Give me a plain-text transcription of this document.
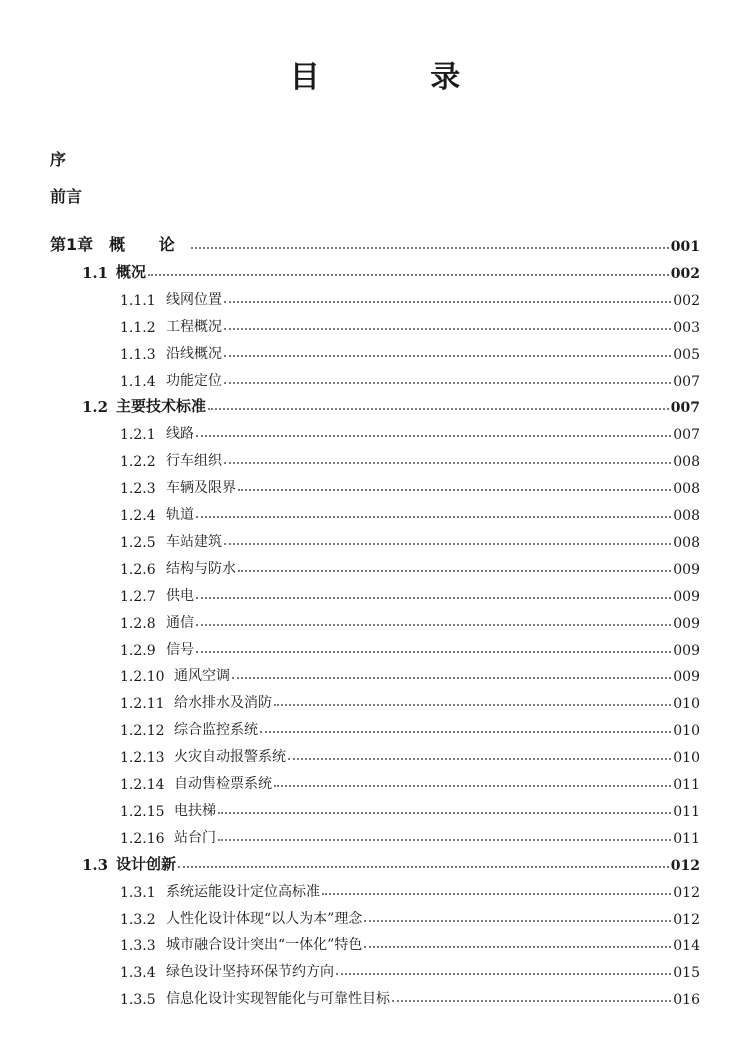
目 录
序
前言
第1章 概 论	001
1.1 概况	002
1.1.1 线网位置	002
1.1.2 工程概况	003
1.1.3 沿线概况	005
1.1.4 功能定位	007
1.2 主要技术标准	007
1.2.1 线路	007
1.2.2 行车组织	008
1.2.3 车辆及限界	008
1.2.4 轨道	008
1.2.5 车站建筑	008
1.2.6 结构与防水	009
1.2.7 供电	009
1.2.8 通信	009
1.2.9 信号	009
1.2.10 通风空调	009
1.2.11 给水排水及消防	010
1.2.12 综合监控系统	010
1.2.13 火灾自动报警系统	010
1.2.14 自动售检票系统	011
1.2.15 电扶梯	011
1.2.16 站台门	011
1.3 设计创新	012
1.3.1 系统运能设计定位高标准	012
1.3.2 人性化设计体现“以人为本”理念	012
1.3.3 城市融合设计突出“一体化”特色	014
1.3.4 绿色设计坚持环保节约方向	015
1.3.5 信息化设计实现智能化与可靠性目标	016
